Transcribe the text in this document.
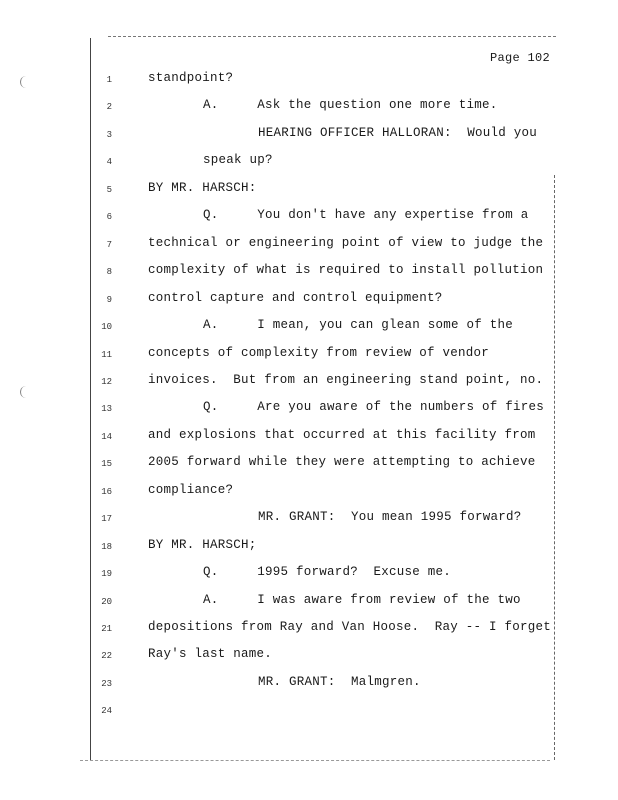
Page 102
1	standpoint?
2	A.     Ask the question one more time.
3	HEARING OFFICER HALLORAN:  Would you
4	speak up?
5	BY MR. HARSCH:
6	Q.     You don't have any expertise from a
7	technical or engineering point of view to judge the
8	complexity of what is required to install pollution
9	control capture and control equipment?
10	A.     I mean, you can glean some of the
11	concepts of complexity from review of vendor
12	invoices.  But from an engineering stand point, no.
13	Q.     Are you aware of the numbers of fires
14	and explosions that occurred at this facility from
15	2005 forward while they were attempting to achieve
16	compliance?
17	MR. GRANT:  You mean 1995 forward?
18	BY MR. HARSCH;
19	Q.     1995 forward?  Excuse me.
20	A.     I was aware from review of the two
21	depositions from Ray and Van Hoose.  Ray -- I forget
22	Ray's last name.
23	MR. GRANT:  Malmgren.
24
